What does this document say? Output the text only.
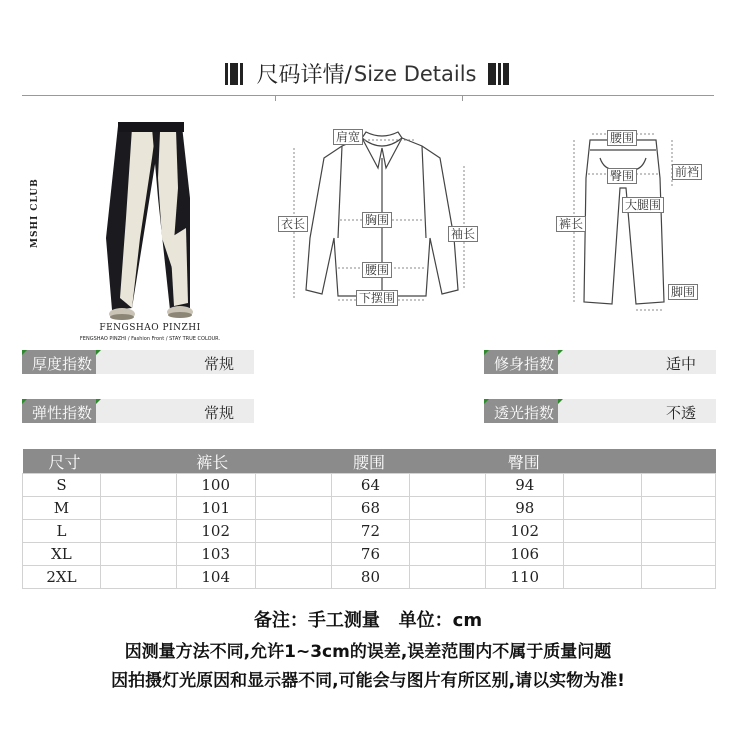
尺码详情/Size Details
MSHI CLUB
FENGSHAO PINZHI
FENGSHAO PINZHI / Fashion Front / STAY TRUE COLOUR.
肩宽
衣长	胸围
袖长
腰围
下摆围
腰围
臀围	前裆
大腿围
裤长
脚围
厚度指数	常规	修身指数	适中
弹性指数	常规	透光指数	不透
尺寸		裤长		腰围		臀围		
S		100		64		94		
M		101		68		98		
L		102		72		102		
XL		103		76		106		
2XL		104		80		110		
备注：手工测量   单位：cm
因测量方法不同,允许1~3cm的误差,误差范围内不属于质量问题
因拍摄灯光原因和显示器不同,可能会与图片有所区别,请以实物为准!
